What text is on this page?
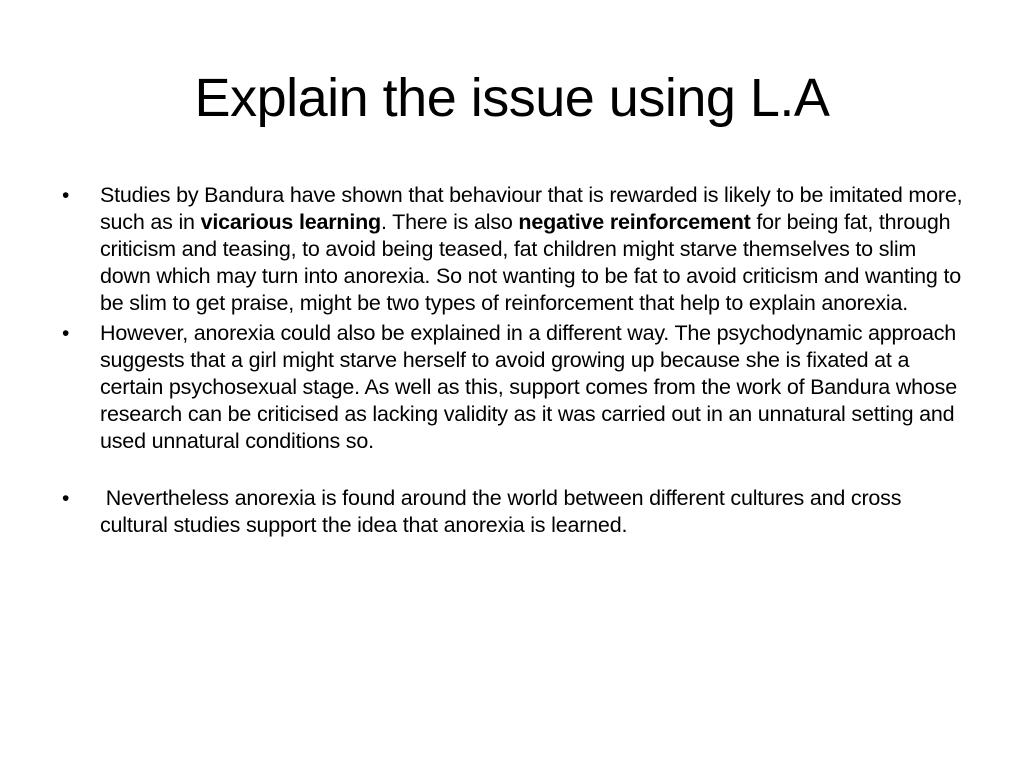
Explain the issue using L.A
•	Studies by Bandura have shown that behaviour that is rewarded is likely to be imitated more, such as in vicarious learning. There is also negative reinforcement for being fat, through criticism and teasing, to avoid being teased, fat children might starve themselves to slim down which may turn into anorexia. So not wanting to be fat to avoid criticism and wanting to be slim to get praise, might be two types of reinforcement that help to explain anorexia.
•	However, anorexia could also be explained in a different way. The psychodynamic approach suggests that a girl might starve herself to avoid growing up because she is fixated at a certain psychosexual stage. As well as this, support comes from the work of Bandura whose research can be criticised as lacking validity as it was carried out in an unnatural setting and used unnatural conditions so.
•	Nevertheless anorexia is found around the world between different cultures and cross cultural studies support the idea that anorexia is learned.
